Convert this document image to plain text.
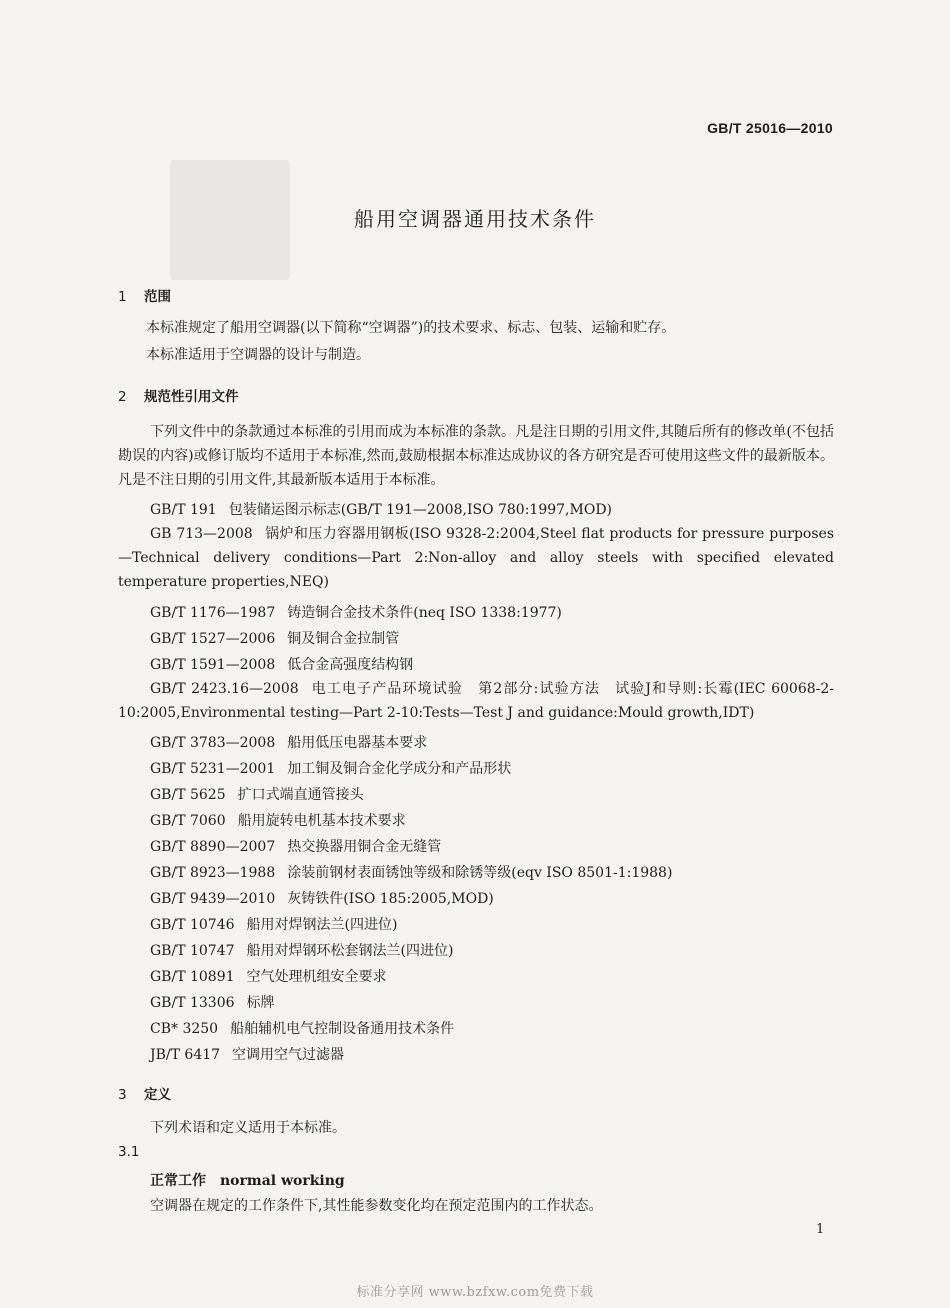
GB/T 25016—2010
船用空调器通用技术条件
1 范围
本标准规定了船用空调器(以下简称“空调器”)的技术要求、标志、包装、运输和贮存。
本标准适用于空调器的设计与制造。
2 规范性引用文件
下列文件中的条款通过本标准的引用而成为本标准的条款。凡是注日期的引用文件,其随后所有的修改单(不包括勘误的内容)或修订版均不适用于本标准,然而,鼓励根据本标准达成协议的各方研究是否可使用这些文件的最新版本。凡是不注日期的引用文件,其最新版本适用于本标准。
GB/T 191 包装储运图示标志(GB/T 191—2008,ISO 780:1997,MOD)
GB 713—2008 锅炉和压力容器用钢板(ISO 9328-2:2004,Steel flat products for pressure purposes—Technical delivery conditions—Part 2:Non-alloy and alloy steels with specified elevated temperature properties,NEQ)
GB/T 1176—1987 铸造铜合金技术条件(neq ISO 1338:1977)
GB/T 1527—2006 铜及铜合金拉制管
GB/T 1591—2008 低合金高强度结构钢
GB/T 2423.16—2008 电工电子产品环境试验　第2部分:试验方法　试验J和导则:长霉(IEC 60068-2-10:2005,Environmental testing—Part 2-10:Tests—Test J and guidance:Mould growth,IDT)
GB/T 3783—2008 船用低压电器基本要求
GB/T 5231—2001 加工铜及铜合金化学成分和产品形状
GB/T 5625 扩口式端直通管接头
GB/T 7060 船用旋转电机基本技术要求
GB/T 8890—2007 热交换器用铜合金无缝管
GB/T 8923—1988 涂装前钢材表面锈蚀等级和除锈等级(eqv ISO 8501-1:1988)
GB/T 9439—2010 灰铸铁件(ISO 185:2005,MOD)
GB/T 10746 船用对焊钢法兰(四进位)
GB/T 10747 船用对焊钢环松套钢法兰(四进位)
GB/T 10891 空气处理机组安全要求
GB/T 13306 标牌
CB* 3250 船舶辅机电气控制设备通用技术条件
JB/T 6417 空调用空气过滤器
3 定义
下列术语和定义适用于本标准。
3.1
正常工作 normal working
空调器在规定的工作条件下,其性能参数变化均在预定范围内的工作状态。
1
标准分享网 www.bzfxw.com免费下载
